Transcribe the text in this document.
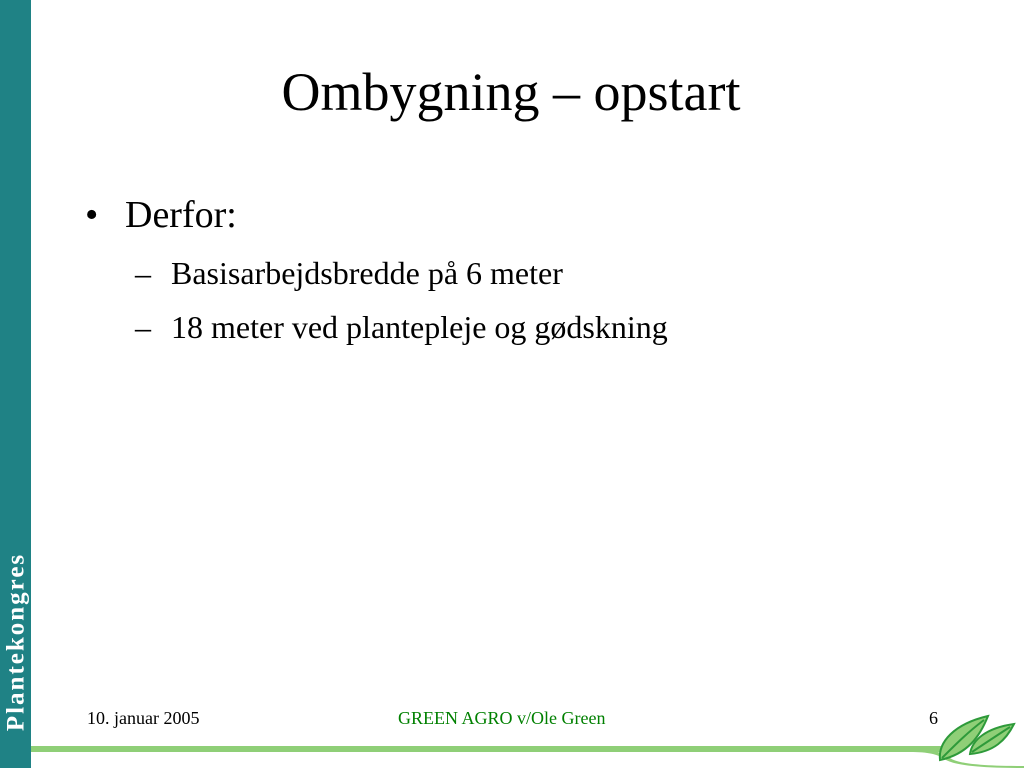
Plantekongres
Ombygning – opstart
• Derfor:
– Basisarbejdsbredde på 6 meter
– 18 meter ved plantepleje og gødskning
10. januar 2005	GREEN AGRO v/Ole Green	6
